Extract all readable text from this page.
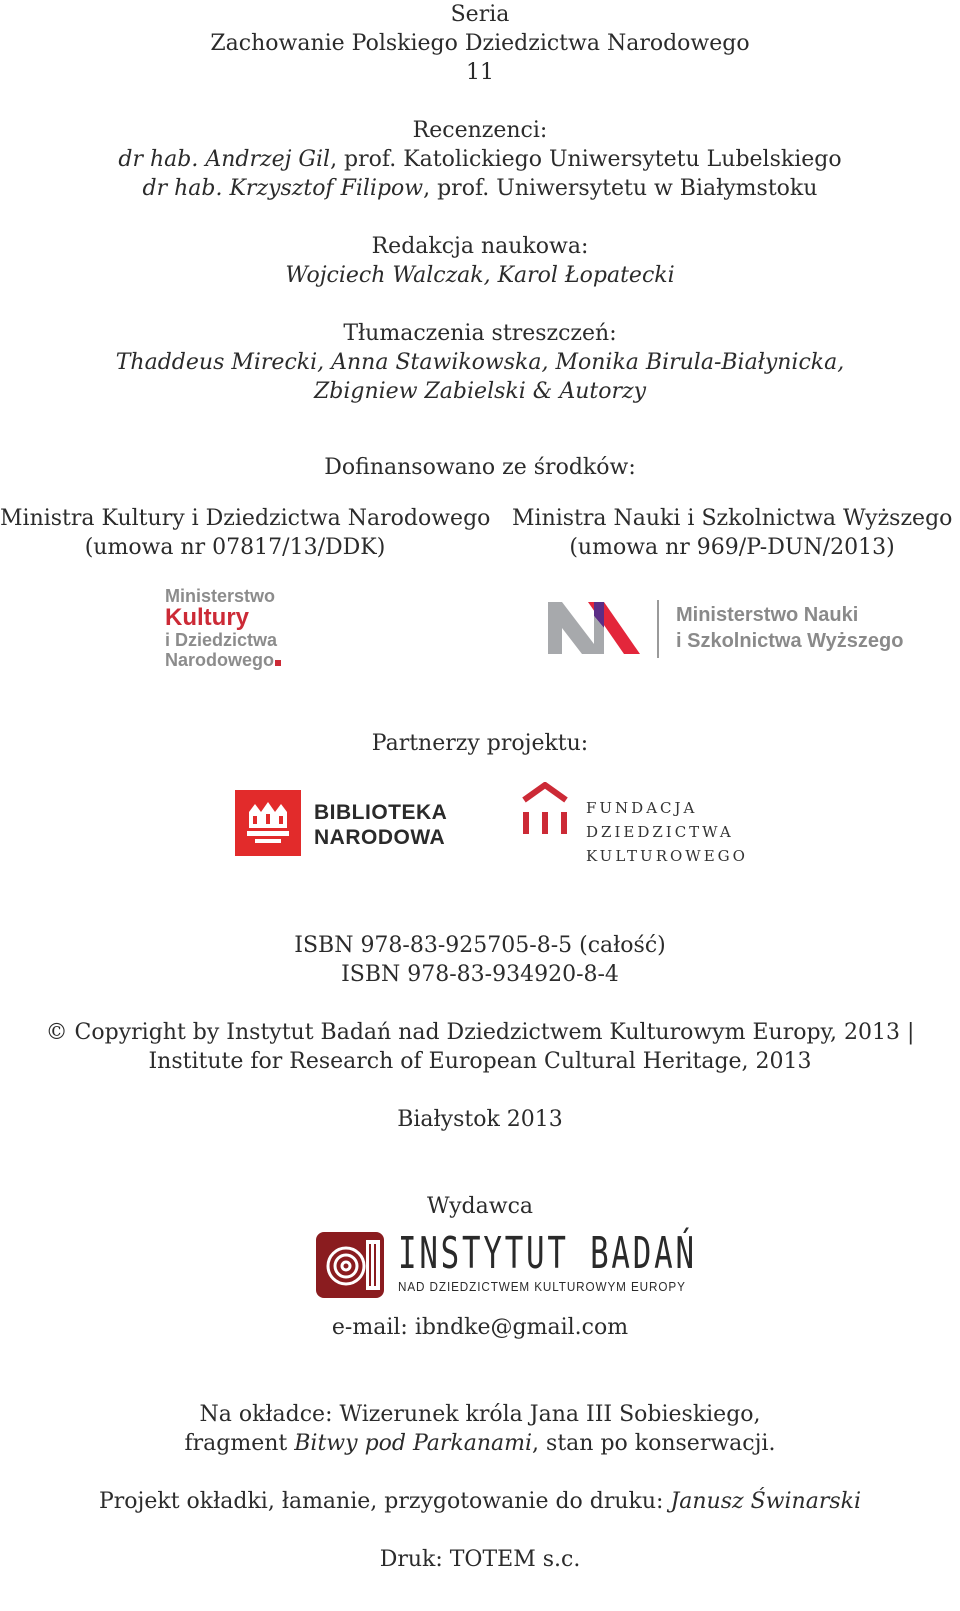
Seria
Zachowanie Polskiego Dziedzictwa Narodowego
11
Recenzenci:
dr hab. Andrzej Gil, prof. Katolickiego Uniwersytetu Lubelskiego
dr hab. Krzysztof Filipow, prof. Uniwersytetu w Białymstoku
Redakcja naukowa:
Wojciech Walczak, Karol Łopatecki
Tłumaczenia streszczeń:
Thaddeus Mirecki, Anna Stawikowska, Monika Birula-Białynicka,
Zbigniew Zabielski & Autorzy
Dofinansowano ze środków:
Ministra Kultury i Dziedzictwa Narodowego
(umowa nr 07817/13/DDK)
Ministra Nauki i Szkolnictwa Wyższego
(umowa nr 969/P-DUN/2013)
Ministerstwo
Kultury
i Dziedzictwa
Narodowego
Ministerstwo Nauki
i Szkolnictwa Wyższego
Partnerzy projektu:
BIBLIOTEKA
NARODOWA
FUNDACJA
DZIEDZICTWA
KULTUROWEGO
ISBN 978-83-925705-8-5 (całość)
ISBN 978-83-934920-8-4
© Copyright by Instytut Badań nad Dziedzictwem Kulturowym Europy, 2013 |
Institute for Research of European Cultural Heritage, 2013
Białystok 2013
Wydawca
INSTYTUT BADAŃ
NAD DZIEDZICTWEM KULTUROWYM EUROPY
e-mail: ibndke@gmail.com
Na okładce: Wizerunek króla Jana III Sobieskiego,
fragment Bitwy pod Parkanami, stan po konserwacji.
Projekt okładki, łamanie, przygotowanie do druku: Janusz Świnarski
Druk: TOTEM s.c.
